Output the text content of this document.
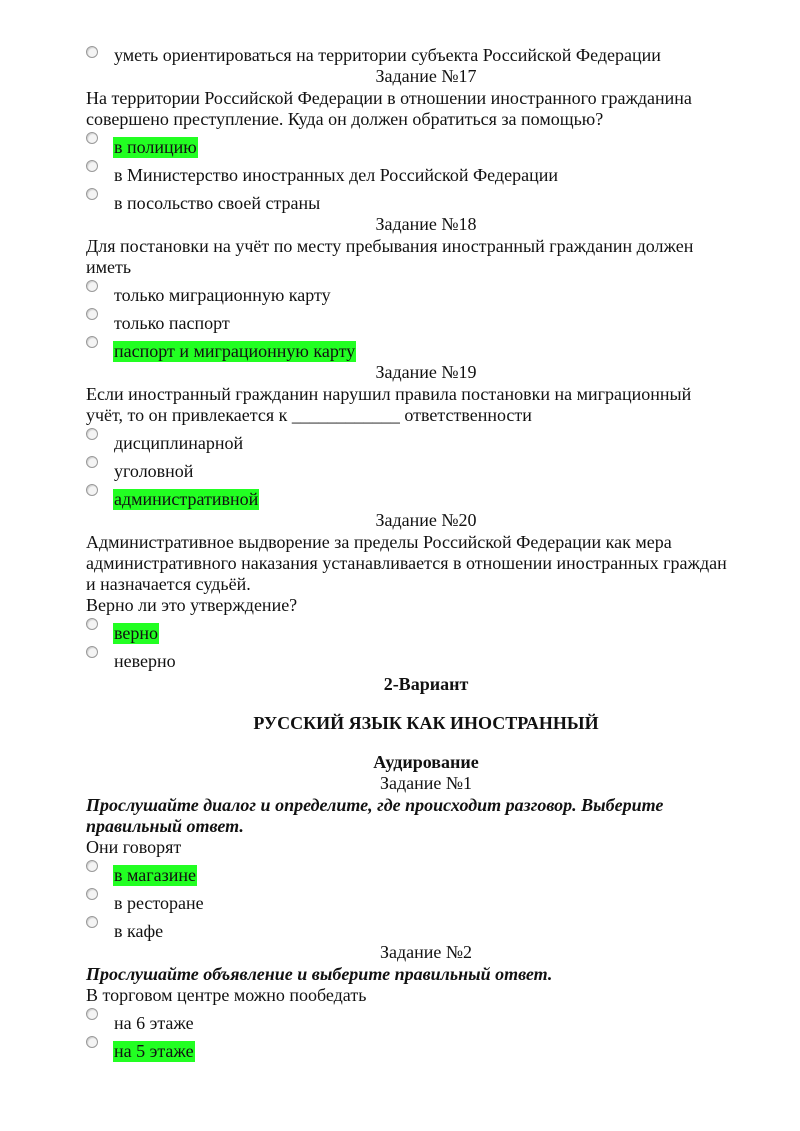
уметь ориентироваться на территории субъекта Российской Федерации
Задание №17

На территории Российской Федерации в отношении иностранного гражданина

совершено преступление. Куда он должен обратиться за помощью?

в полицию
в Министерство иностранных дел Российской Федерации
в посольство своей страны
Задание №18

Для постановки на учёт по месту пребывания иностранный гражданин должен

иметь

только миграционную карту
только паспорт
паспорт и миграционную карту
Задание №19

Если иностранный гражданин нарушил правила постановки на миграционный

учёт, то он привлекается к ____________ ответственности

дисциплинарной
уголовной
административной
Задание №20

Административное выдворение за пределы Российской Федерации как мера

административного наказания устанавливается в отношении иностранных граждан

и назначается судьёй.

Верно ли это утверждение?

верно
неверно
2-Вариант
РУССКИЙ ЯЗЫК КАК ИНОСТРАННЫЙ
Аудирование
Задание №1

Прослушайте диалог и определите, где происходит разговор. Выберите

правильный ответ.

Они говорят

в магазине
в ресторане
в кафе
Задание №2

Прослушайте объявление и выберите правильный ответ.

В торговом центре можно пообедать

на 6 этаже
на 5 этаже
